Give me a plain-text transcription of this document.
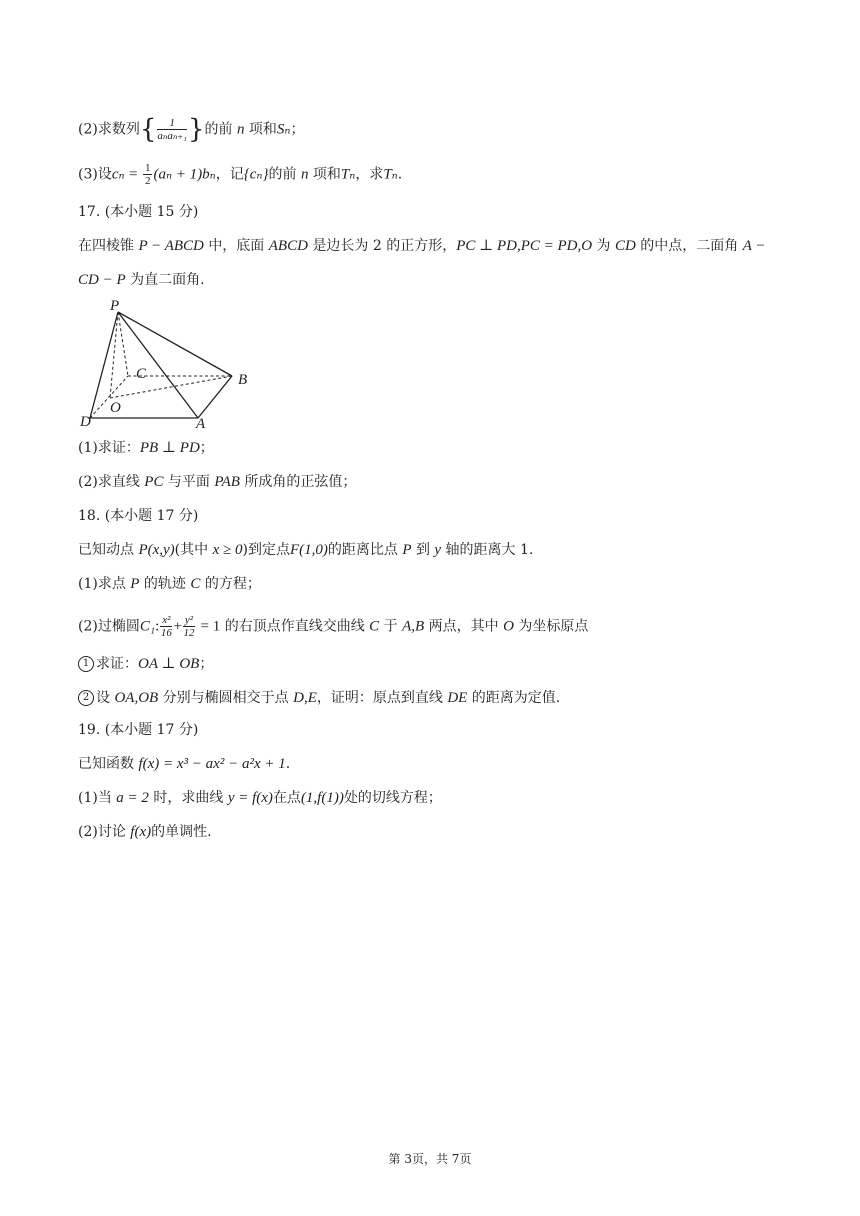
(2)求数列{ $\frac{1}{\text{aₙaₙ₊₁}}$ }的前 n 项和Sₙ；
(3)设$c_n = \frac{1}{2} (a_n + 1)b_n$，记{cₙ}的前 n 项和Tₙ，求Tₙ.
17. (本小题 15 分)
在四棱锥 P − ABCD 中，底面 ABCD 是边长为 2 的正方形，PC ⊥ PD,PC = PD,O 为 CD 的中点，二面角 A −
CD − P 为直二面角.
P
C	B
O
D	A
(1)求证：PB ⊥ PD；
(2)求直线 PC 与平面 PAB 所成角的正弦值；
18. (本小题 17 分)
已知动点 P(x,y)(其中 x ≥ 0)到定点F(1,0)的距离比点 P 到 y 轴的距离大 1.
(1)求点 P 的轨迹 C 的方程；
(2)过椭圆C₁: $\frac{\text{x²}}{16} + \frac{\text{y²}}{12} = 1$ 的右顶点作直线交曲线 C 于 A,B 两点，其中 O 为坐标原点
1 求证：OA ⊥ OB；
2 设 OA,OB 分别与椭圆相交于点 D,E，证明：原点到直线 DE 的距离为定值.
19. (本小题 17 分)
已知函数 f(x) = x³ − ax² − a²x + 1.
(1)当 a = 2 时，求曲线 y = f(x)在点(1,f(1))处的切线方程；
(2)讨论 f(x)的单调性.
第 3页，共 7页
